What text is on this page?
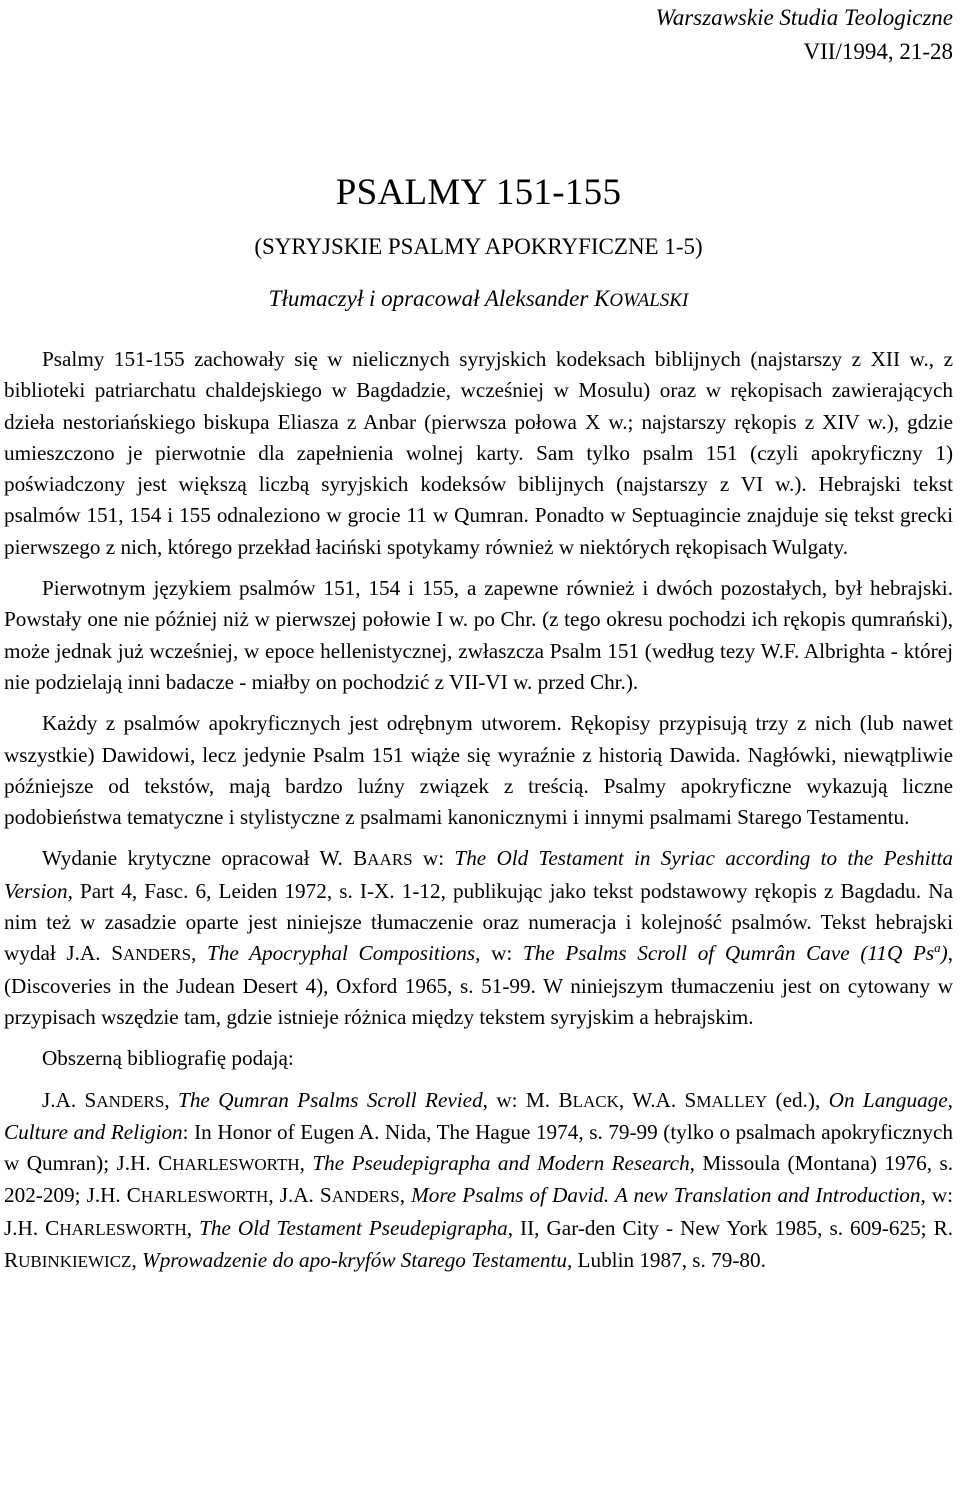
Warszawskie Studia Teologiczne
VII/1994, 21-28
PSALMY 151-155
(SYRYJSKIE PSALMY APOKRYFICZNE 1-5)
Tłumaczył i opracował Aleksander KOWALSKI

Psalmy 151-155 zachowały się w nielicznych syryjskich kodeksach biblijnych (najstarszy z XII w., z biblioteki patriarchatu chaldejskiego w Bagdadzie, wcześniej w Mosulu) oraz w rękopisach zawierających dzieła nestoriańskiego biskupa Eliasza z Anbar (pierwsza połowa X w.; najstarszy rękopis z XIV w.), gdzie umieszczono je pierwotnie dla zapełnienia wolnej karty. Sam tylko psalm 151 (czyli apokryficzny 1) poświadczony jest większą liczbą syryjskich kodeksów biblijnych (najstarszy z VI w.). Hebrajski tekst psalmów 151, 154 i 155 odnaleziono w grocie 11 w Qumran. Ponadto w Septuagincie znajduje się tekst grecki pierwszego z nich, którego przekład łaciński spotykamy również w niektórych rękopisach Wulgaty.

Pierwotnym językiem psalmów 151, 154 i 155, a zapewne również i dwóch pozostałych, był hebrajski. Powstały one nie później niż w pierwszej połowie I w. po Chr. (z tego okresu pochodzi ich rękopis qumrański), może jednak już wcześniej, w epoce hellenistycznej, zwłaszcza Psalm 151 (według tezy W.F. Albrighta - której nie podzielają inni badacze - miałby on pochodzić z VII-VI w. przed Chr.).

Każdy z psalmów apokryficznych jest odrębnym utworem. Rękopisy przypisują trzy z nich (lub nawet wszystkie) Dawidowi, lecz jedynie Psalm 151 wiąże się wyraźnie z historią Dawida. Nagłówki, niewątpliwie późniejsze od tekstów, mają bardzo luźny związek z treścią. Psalmy apokryficzne wykazują liczne podobieństwa tematyczne i stylistyczne z psalmami kanonicznymi i innymi psalmami Starego Testamentu.

Wydanie krytyczne opracował W. BAARS w: The Old Testament in Syriac according to the Peshitta Version, Part 4, Fasc. 6, Leiden 1972, s. I-X. 1-12, publikując jako tekst podstawowy rękopis z Bagdadu. Na nim też w zasadzie oparte jest niniejsze tłumaczenie oraz numeracja i kolejność psalmów. Tekst hebrajski wydał J.A. SANDERS, The Apocryphal Compositions, w: The Psalms Scroll of Qumrân Cave (11Q Ps$^a$), (Discoveries in the Judean Desert 4), Oxford 1965, s. 51-99. W niniejszym tłumaczeniu jest on cytowany w przypisach wszędzie tam, gdzie istnieje różnica między tekstem syryjskim a hebrajskim.

Obszerną bibliografię podają:

J.A. SANDERS, The Qumran Psalms Scroll Revied, w: M. BLACK, W.A. SMALLEY (ed.), On Language, Culture and Religion: In Honor of Eugen A. Nida, The Hague 1974, s. 79-99 (tylko o psalmach apokryficznych w Qumran); J.H. CHARLESWORTH, The Pseudepigrapha and Modern Research, Missoula (Montana) 1976, s. 202-209; J.H. CHARLESWORTH, J.A. SANDERS, More Psalms of David. A new Translation and Introduction, w: J.H. CHARLESWORTH, The Old Testament Pseudepigrapha, II, Gar-den City - New York 1985, s. 609-625; R. RUBINKIEWICZ, Wprowadzenie do apo-kryfów Starego Testamentu, Lublin 1987, s. 79-80.
